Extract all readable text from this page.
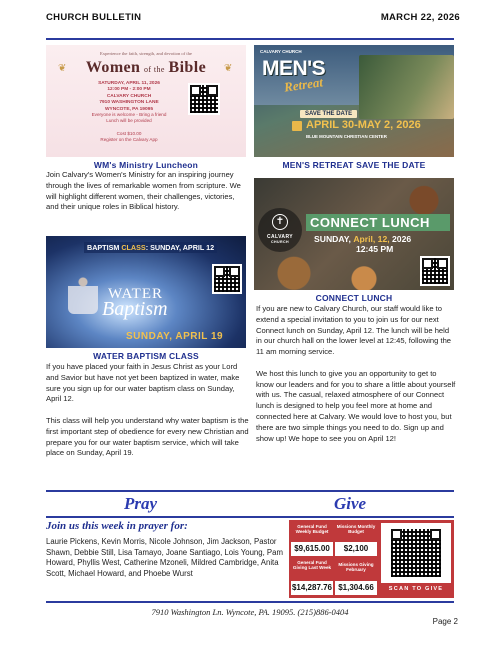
CHURCH BULLETIN	MARCH 22, 2026
❦	❦
Experience the faith, strength, and devotion of the
Women of the Bible
SATURDAY, APRIL 11, 2026
12:00 PM - 2:00 PM
CALVARY CHURCH
7910 WASHINGTON LANE
WYNCOTE, PA 19095
Everyone is welcome - Bring a friend
Lunch will be provided
Cost $10.00
Register on the Calvary App
WM's Ministry Luncheon
Join Calvary's Women's Ministry for an inspiring journey through the lives of remarkable women from scripture. We will highlight different women, their challenges, victories, and their unique roles in Biblical history.
CALVARY CHURCH
MEN'S
Retreat
SAVE THE DATE
APRIL 30-MAY 2, 2026
BLUE MOUNTAIN CHRISTIAN CENTER
MEN'S RETREAT SAVE THE DATE
✝
CALVARY
CHURCH
CONNECT LUNCH
SUNDAY, April, 12, 2026
12:45 PM
CONNECT LUNCH

If you are new to Calvary Church, our staff would like to extend a special invitation to you to join us for our next Connect lunch on Sunday, April 12. The lunch will be held in our church hall on the lower level at 12:45, following the 11 am morning service.

We host this lunch to give you an opportunity to get to know our leaders and for you to share a little about yourself with us. The casual, relaxed atmosphere of our Connect lunch is designed to help you feel more at home and connected here at Calvary. We would love to host you, but there are two simple things you need to do. Sign up and show up! We hope to see you on April 12!

BAPTISM CLASS: SUNDAY, APRIL 12
WATER
Baptism
SUNDAY, APRIL 19
WATER BAPTISM CLASS

If you have placed your faith in Jesus Christ as your Lord and Savior but have not yet been baptized in water, make sure you sign up for our water baptism class on Sunday, April 12.

This class will help you understand why water baptism is the first important step of obedience for every new Christian and prepare you for our water baptism service, which will take place on Sunday, April 19.

Pray	Give
Join us this week in prayer for:
Laurie Pickens, Kevin Morris, Nicole Johnson, Jim Jackson, Pastor Shawn, Debbie Still, Lisa Tamayo, Joane Santiago, Lois Young, Pam Howard, Phyllis West, Catherine Mzoneli, Mildred Cambridge, Anita Scott, Michael Howard, and Phoebe Wurst
General Fund Weekly Budget
Missions Monthly Budget
$9,615.00	$2,100
General Fund Giving Last Week
Missions Giving February
$14,287.76 $1,304.66	SCAN TO GIVE
7910 Washington Ln. Wyncote, PA. 19095. (215)886-0404
Page 2
